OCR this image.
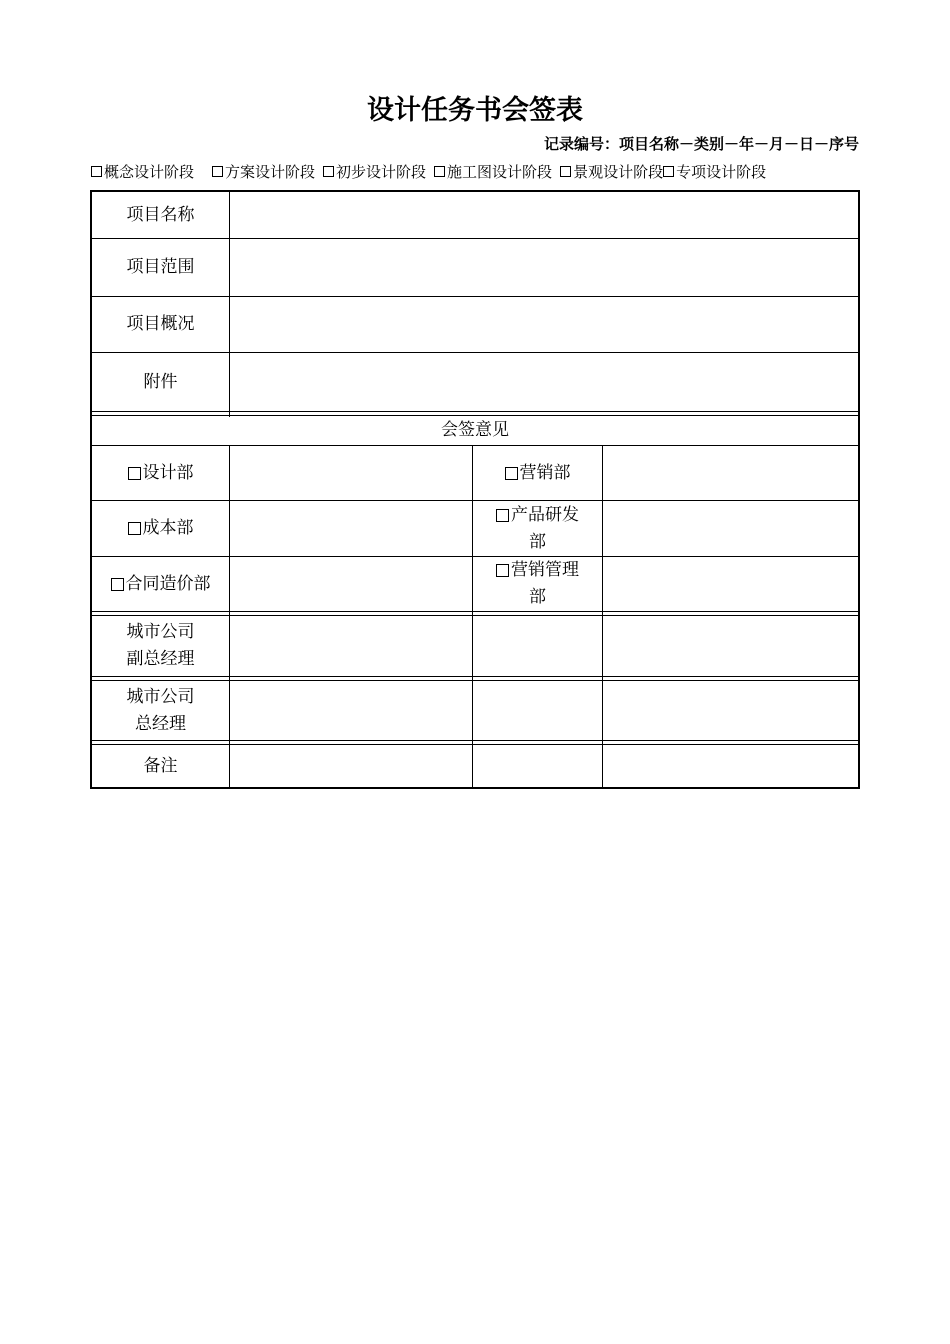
设计任务书会签表
记录编号：项目名称－类别－年－月－日－序号
概念设计阶段 方案设计阶段 初步设计阶段 施工图设计阶段 景观设计阶段 专项设计阶段
项目名称
项目范围
项目概况
附件
会签意见
设计部	营销部
成本部
产品研发
部
合同造价部
营销管理
部
城市公司
副总经理
城市公司
总经理
备注
